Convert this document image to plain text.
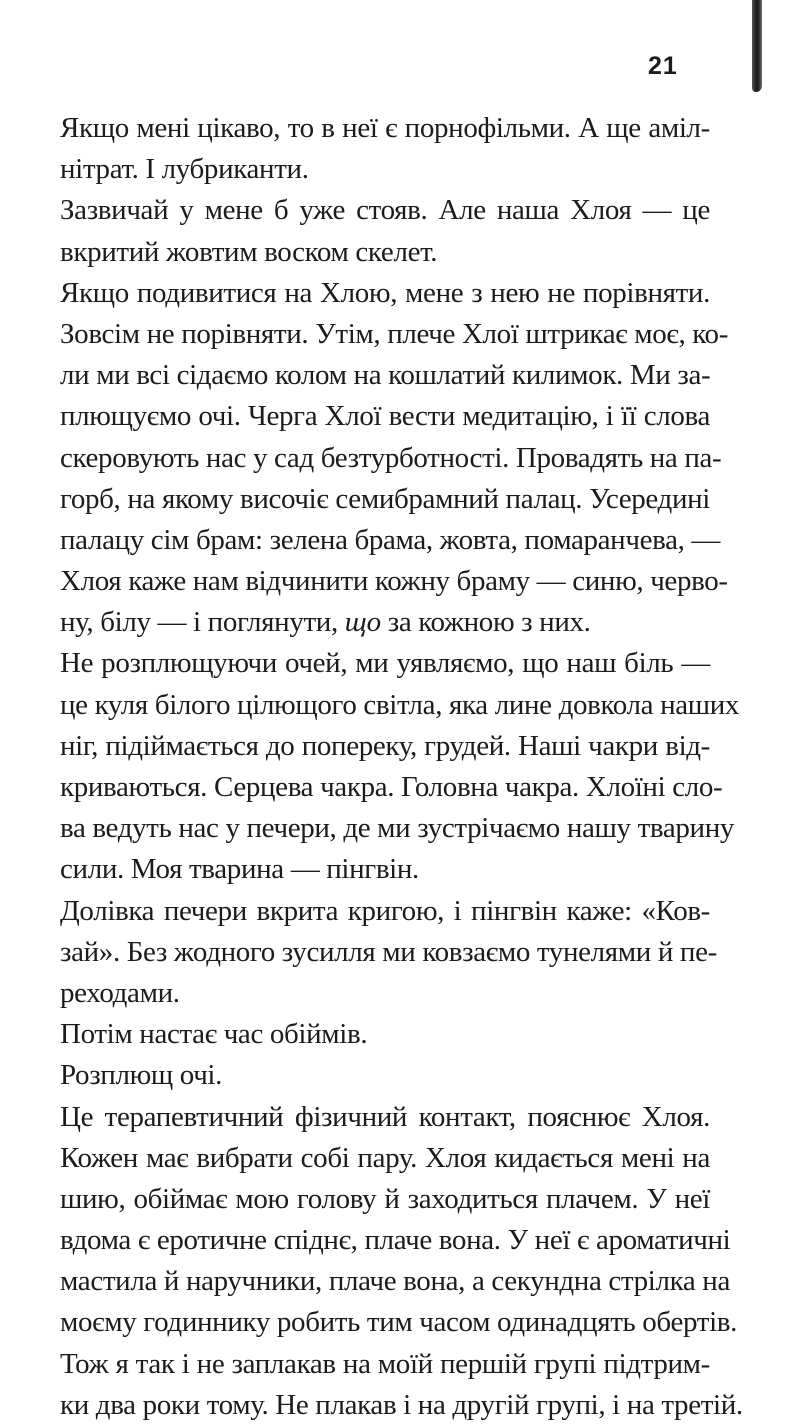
21
Якщо мені цікаво, то в неї є порнофільми. А ще аміл-
нітрат. І лубриканти.
Зазвичай у мене б уже стояв. Але наша Хлоя — це
вкритий жовтим воском скелет.
Якщо подивитися на Хлою, мене з нею не порівняти.
Зовсім не порівняти. Утім, плече Хлої штрикає моє, ко-
ли ми всі сідаємо колом на кошлатий килимок. Ми за-
плющуємо очі. Черга Хлої вести медитацію, і її слова
скеровують нас у сад безтурботності. Провадять на па-
горб, на якому височіє семибрамний палац. Усередині
палацу сім брам: зелена брама, жовта, помаранчева, —
Хлоя каже нам відчинити кожну браму — синю, черво-
ну, білу — і поглянути, що за кожною з них.
Не розплющуючи очей, ми уявляємо, що наш біль —
це куля білого цілющого світла, яка лине довкола наших
ніг, підіймається до попереку, грудей. Наші чакри від-
криваються. Серцева чакра. Головна чакра. Хлоїні сло-
ва ведуть нас у печери, де ми зустрічаємо нашу тварину
сили. Моя тварина — пінгвін.
Долівка печери вкрита кригою, і пінгвін каже: «Ков-
зай». Без жодного зусилля ми ковзаємо тунелями й пе-
реходами.
Потім настає час обіймів.
Розплющ очі.
Це терапевтичний фізичний контакт, пояснює Хлоя.
Кожен має вибрати собі пару. Хлоя кидається мені на
шию, обіймає мою голову й заходиться плачем. У неї
вдома є еротичне спіднє, плаче вона. У неї є ароматичні
мастила й наручники, плаче вона, а секундна стрілка на
моєму годиннику робить тим часом одинадцять обертів.
Тож я так і не заплакав на моїй першій групі підтрим-
ки два роки тому. Не плакав і на другій групі, і на третій.
